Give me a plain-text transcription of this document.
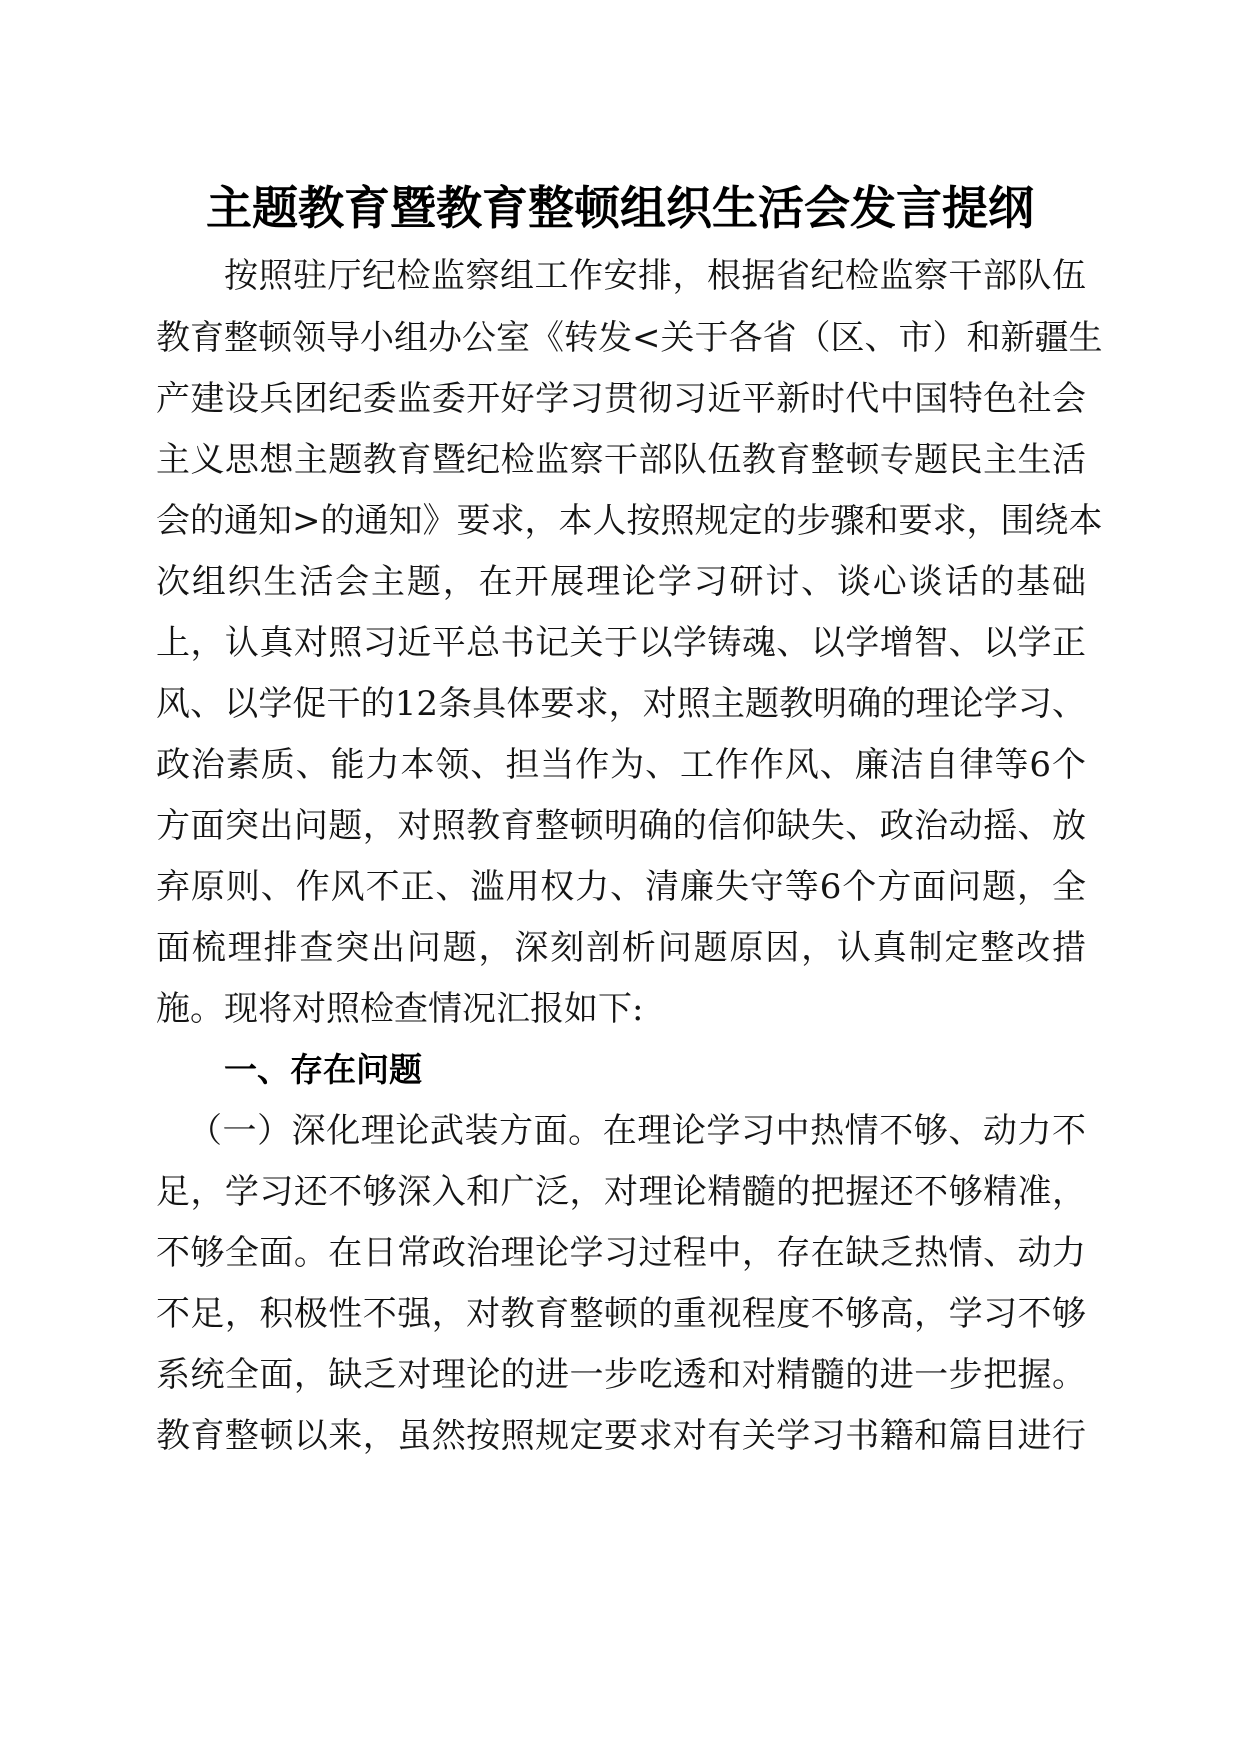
主题教育暨教育整顿组织生活会发言提纲
按照驻厅纪检监察组工作安排，根据省纪检监察干部队伍
教育整顿领导小组办公室《转发<关于各省（区、市）和新疆生
产建设兵团纪委监委开好学习贯彻习近平新时代中国特色社会
主义思想主题教育暨纪检监察干部队伍教育整顿专题民主生活
会的通知>的通知》要求，本人按照规定的步骤和要求，围绕本
次组织生活会主题，在开展理论学习研讨、谈心谈话的基础
上，认真对照习近平总书记关于以学铸魂、以学增智、以学正
风、以学促干的12条具体要求，对照主题教明确的理论学习、
政治素质、能力本领、担当作为、工作作风、廉洁自律等6个
方面突出问题，对照教育整顿明确的信仰缺失、政治动摇、放
弃原则、作风不正、滥用权力、清廉失守等6个方面问题，全
面梳理排查突出问题，深刻剖析问题原因，认真制定整改措
施。现将对照检查情况汇报如下:
一、存在问题
（一）深化理论武装方面。在理论学习中热情不够、动力不
足，学习还不够深入和广泛，对理论精髓的把握还不够精准，
不够全面。在日常政治理论学习过程中，存在缺乏热情、动力
不足，积极性不强，对教育整顿的重视程度不够高，学习不够
系统全面，缺乏对理论的进一步吃透和对精髓的进一步把握。
教育整顿以来，虽然按照规定要求对有关学习书籍和篇目进行
